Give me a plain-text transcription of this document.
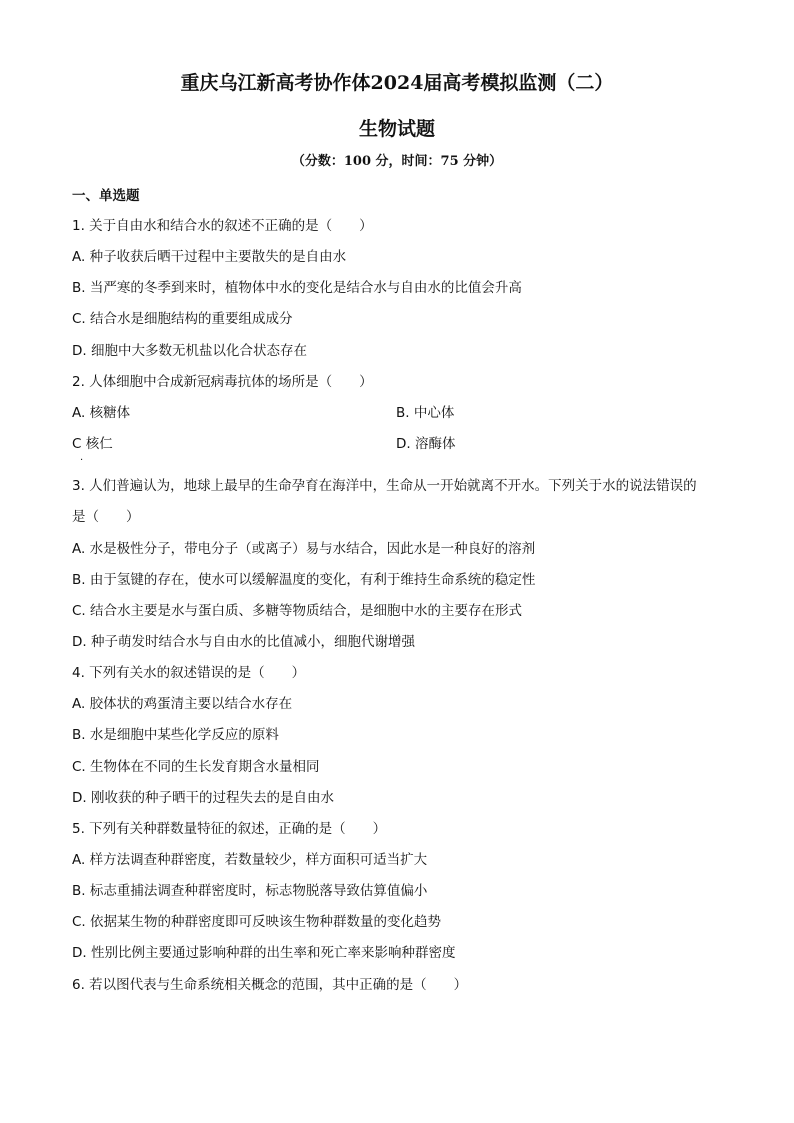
重庆乌江新高考协作体2024届高考模拟监测（二）
生物试题
（分数：100 分，时间：75 分钟）
一、单选题
1. 关于自由水和结合水的叙述不正确的是（　　）
A. 种子收获后晒干过程中主要散失的是自由水
B. 当严寒的冬季到来时，植物体中水的变化是结合水与自由水的比值会升高
C. 结合水是细胞结构的重要组成成分
D. 细胞中大多数无机盐以化合状态存在
2. 人体细胞中合成新冠病毒抗体的场所是（　　）
A. 核糖体	B. 中心体
C 核仁	D. 溶酶体
.
3. 人们普遍认为，地球上最早的生命孕育在海洋中，生命从一开始就离不开水。下列关于水的说法错误的
是（　　）
A. 水是极性分子，带电分子（或离子）易与水结合，因此水是一种良好的溶剂
B. 由于氢键的存在，使水可以缓解温度的变化，有利于维持生命系统的稳定性
C. 结合水主要是水与蛋白质、多糖等物质结合，是细胞中水的主要存在形式
D. 种子萌发时结合水与自由水的比值减小，细胞代谢增强
4. 下列有关水的叙述错误的是（　　）
A. 胶体状的鸡蛋清主要以结合水存在
B. 水是细胞中某些化学反应的原料
C. 生物体在不同的生长发育期含水量相同
D. 刚收获的种子晒干的过程失去的是自由水
5. 下列有关种群数量特征的叙述，正确的是（　　）
A. 样方法调查种群密度，若数量较少，样方面积可适当扩大
B. 标志重捕法调查种群密度时，标志物脱落导致估算值偏小
C. 依据某生物的种群密度即可反映该生物种群数量的变化趋势
D. 性别比例主要通过影响种群的出生率和死亡率来影响种群密度
6. 若以图代表与生命系统相关概念的范围，其中正确的是（　　）
